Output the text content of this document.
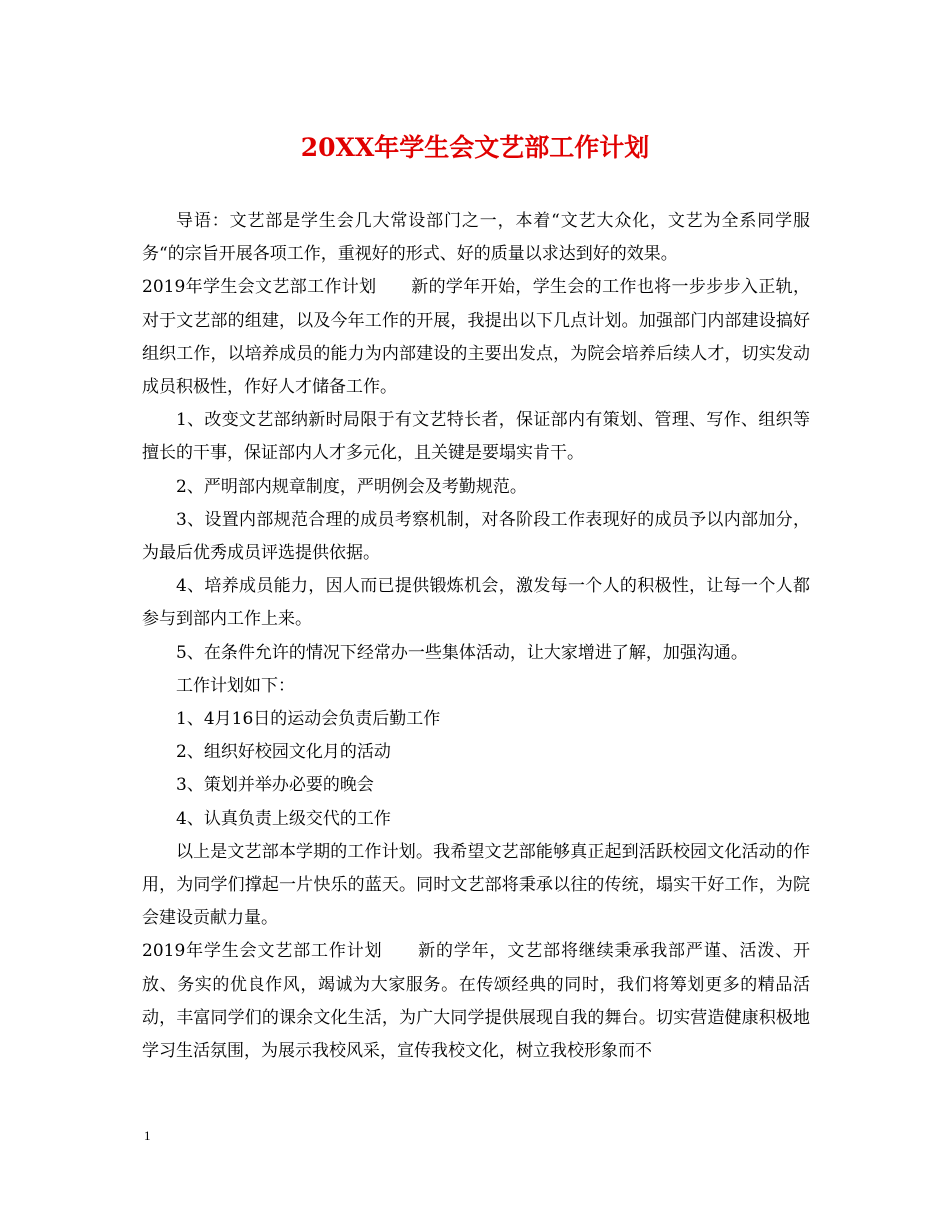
20XX年学生会文艺部工作计划

导语：文艺部是学生会几大常设部门之一，本着“文艺大众化，文艺为全系同学服务“的宗旨开展各项工作，重视好的形式、好的质量以求达到好的效果。

2019年学生会文艺部工作计划　　新的学年开始，学生会的工作也将一步步步入正轨，对于文艺部的组建，以及今年工作的开展，我提出以下几点计划。加强部门内部建设搞好组织工作，以培养成员的能力为内部建设的主要出发点，为院会培养后续人才，切实发动成员积极性，作好人才储备工作。

1、改变文艺部纳新时局限于有文艺特长者，保证部内有策划、管理、写作、组织等擅长的干事，保证部内人才多元化，且关键是要塌实肯干。

2、严明部内规章制度，严明例会及考勤规范。

3、设置内部规范合理的成员考察机制，对各阶段工作表现好的成员予以内部加分，为最后优秀成员评选提供依据。

4、培养成员能力，因人而已提供锻炼机会，激发每一个人的积极性，让每一个人都参与到部内工作上来。

5、在条件允许的情况下经常办一些集体活动，让大家增进了解，加强沟通。

工作计划如下：

1、4月16日的运动会负责后勤工作

2、组织好校园文化月的活动

3、策划并举办必要的晚会

4、认真负责上级交代的工作

以上是文艺部本学期的工作计划。我希望文艺部能够真正起到活跃校园文化活动的作用，为同学们撑起一片快乐的蓝天。同时文艺部将秉承以往的传统，塌实干好工作，为院会建设贡献力量。

2019年学生会文艺部工作计划　　新的学年，文艺部将继续秉承我部严谨、活泼、开放、务实的优良作风，竭诚为大家服务。在传颂经典的同时，我们将筹划更多的精品活动，丰富同学们的课余文化生活，为广大同学提供展现自我的舞台。切实营造健康积极地学习生活氛围，为展示我校风采，宣传我校文化，树立我校形象而不

1
